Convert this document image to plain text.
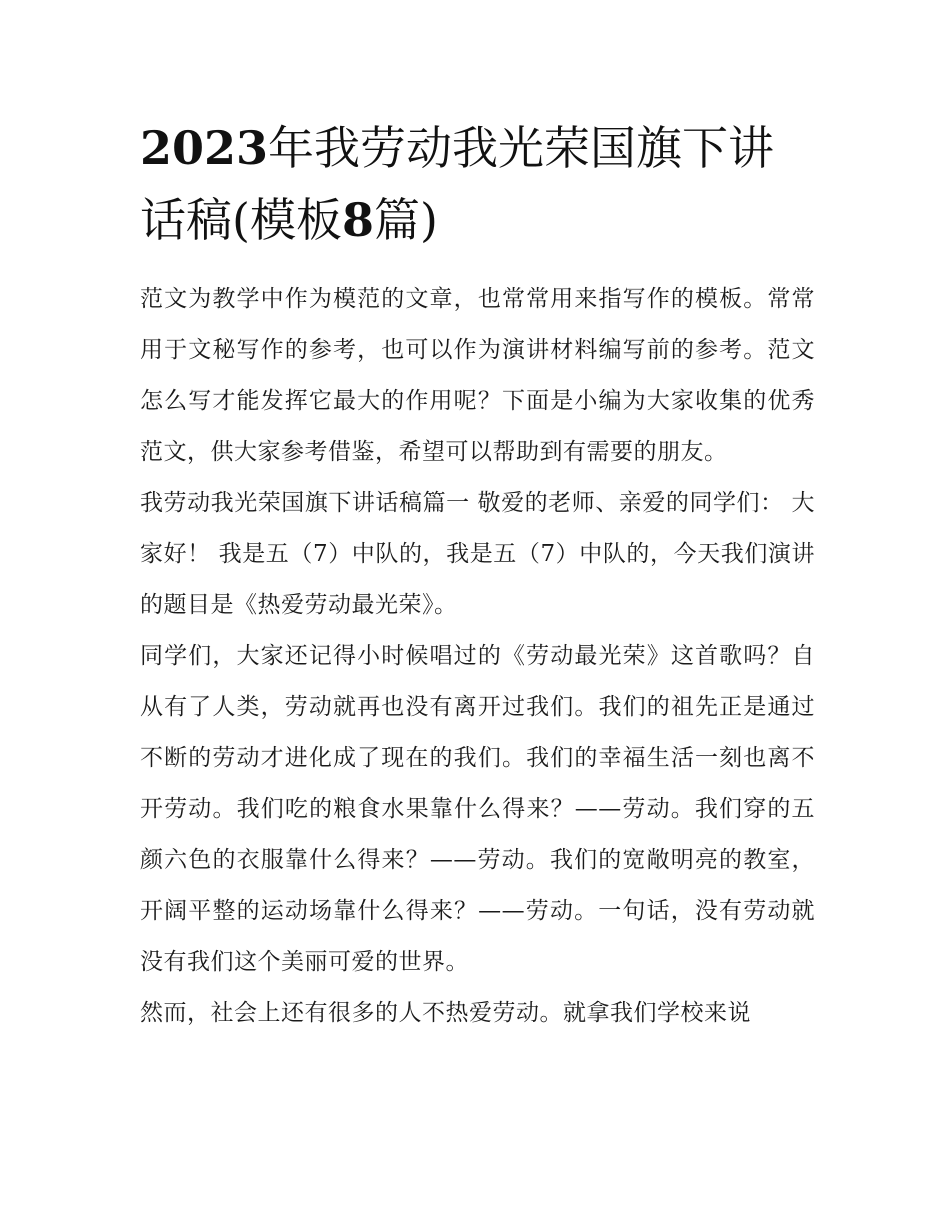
2023年我劳动我光荣国旗下讲话稿(模板8篇)

范文为教学中作为模范的文章，也常常用来指写作的模板。常常用于文秘写作的参考，也可以作为演讲材料编写前的参考。范文怎么写才能发挥它最大的作用呢？下面是小编为大家收集的优秀范文，供大家参考借鉴，希望可以帮助到有需要的朋友。

我劳动我光荣国旗下讲话稿篇一 敬爱的老师、亲爱的同学们： 大家好！ 我是五（7）中队的，我是五（7）中队的，今天我们演讲的题目是《热爱劳动最光荣》。

同学们，大家还记得小时候唱过的《劳动最光荣》这首歌吗？自从有了人类，劳动就再也没有离开过我们。我们的祖先正是通过不断的劳动才进化成了现在的我们。我们的幸福生活一刻也离不开劳动。我们吃的粮食水果靠什么得来？——劳动。我们穿的五颜六色的衣服靠什么得来？——劳动。我们的宽敞明亮的教室，开阔平整的运动场靠什么得来？——劳动。一句话，没有劳动就没有我们这个美丽可爱的世界。

然而，社会上还有很多的人不热爱劳动。就拿我们学校来说
